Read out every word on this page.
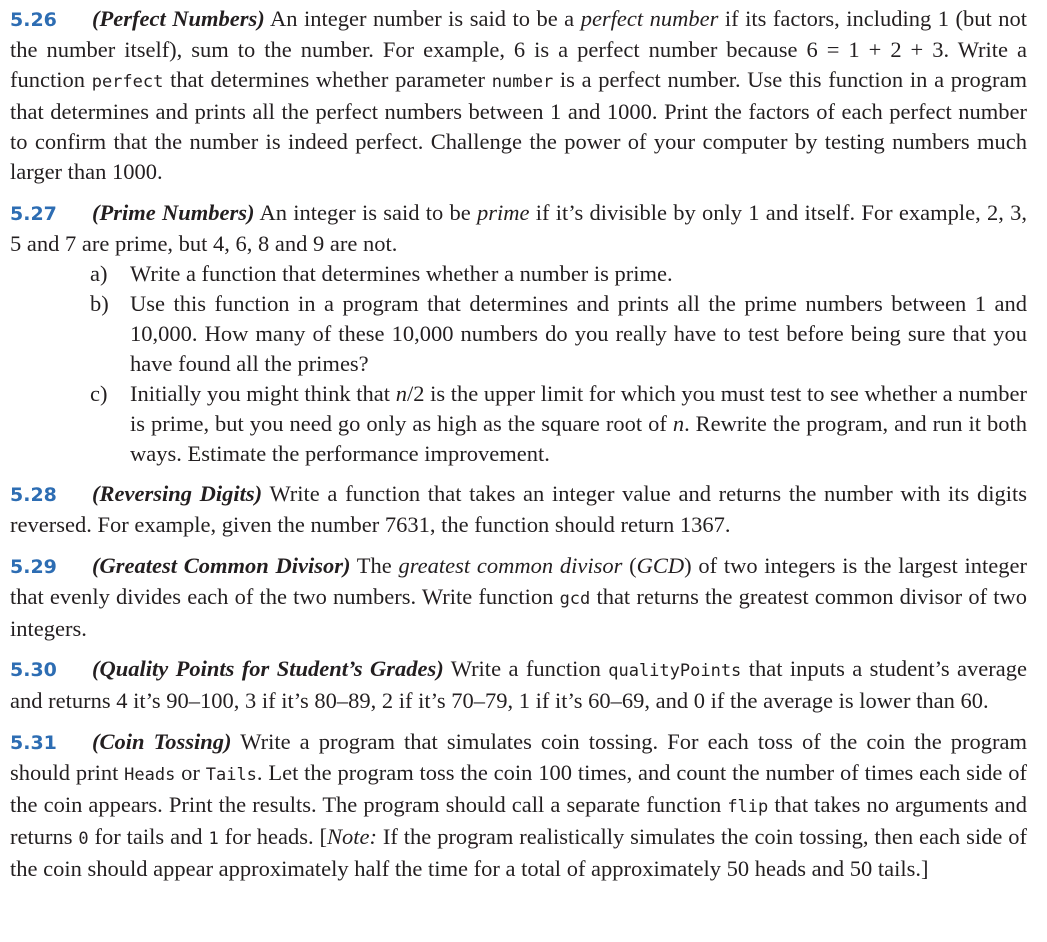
5.26 (Perfect Numbers) An integer number is said to be a perfect number if its factors, including 1 (but not the number itself), sum to the number. For example, 6 is a perfect number because 6 = 1 + 2 + 3. Write a function perfect that determines whether parameter number is a perfect number. Use this function in a program that determines and prints all the perfect numbers between 1 and 1000. Print the factors of each perfect number to confirm that the number is indeed perfect. Challenge the power of your computer by testing numbers much larger than 1000.

5.27 (Prime Numbers) An integer is said to be prime if it’s divisible by only 1 and itself. For example, 2, 3, 5 and 7 are prime, but 4, 6, 8 and 9 are not.

a)	Write a function that determines whether a number is prime.
b) Use this function in a program that determines and prints all the prime numbers between 1 and 10,000. How many of these 10,000 numbers do you really have to test before being sure that you have found all the primes?
c)	Initially you might think that n/2 is the upper limit for which you must test to see whether a number is prime, but you need go only as high as the square root of n. Rewrite the program, and run it both ways. Estimate the performance improvement.

5.28 (Reversing Digits) Write a function that takes an integer value and returns the number with its digits reversed. For example, given the number 7631, the function should return 1367.

5.29 (Greatest Common Divisor) The greatest common divisor (GCD) of two integers is the largest integer that evenly divides each of the two numbers. Write function gcd that returns the greatest common divisor of two integers.

5.30 (Quality Points for Student’s Grades) Write a function qualityPoints that inputs a student’s average and returns 4 it’s 90–100, 3 if it’s 80–89, 2 if it’s 70–79, 1 if it’s 60–69, and 0 if the average is lower than 60.

5.31 (Coin Tossing) Write a program that simulates coin tossing. For each toss of the coin the program should print Heads or Tails. Let the program toss the coin 100 times, and count the number of times each side of the coin appears. Print the results. The program should call a separate function flip that takes no arguments and returns 0 for tails and 1 for heads. [Note: If the program realistically simulates the coin tossing, then each side of the coin should appear approximately half the time for a total of approximately 50 heads and 50 tails.]
